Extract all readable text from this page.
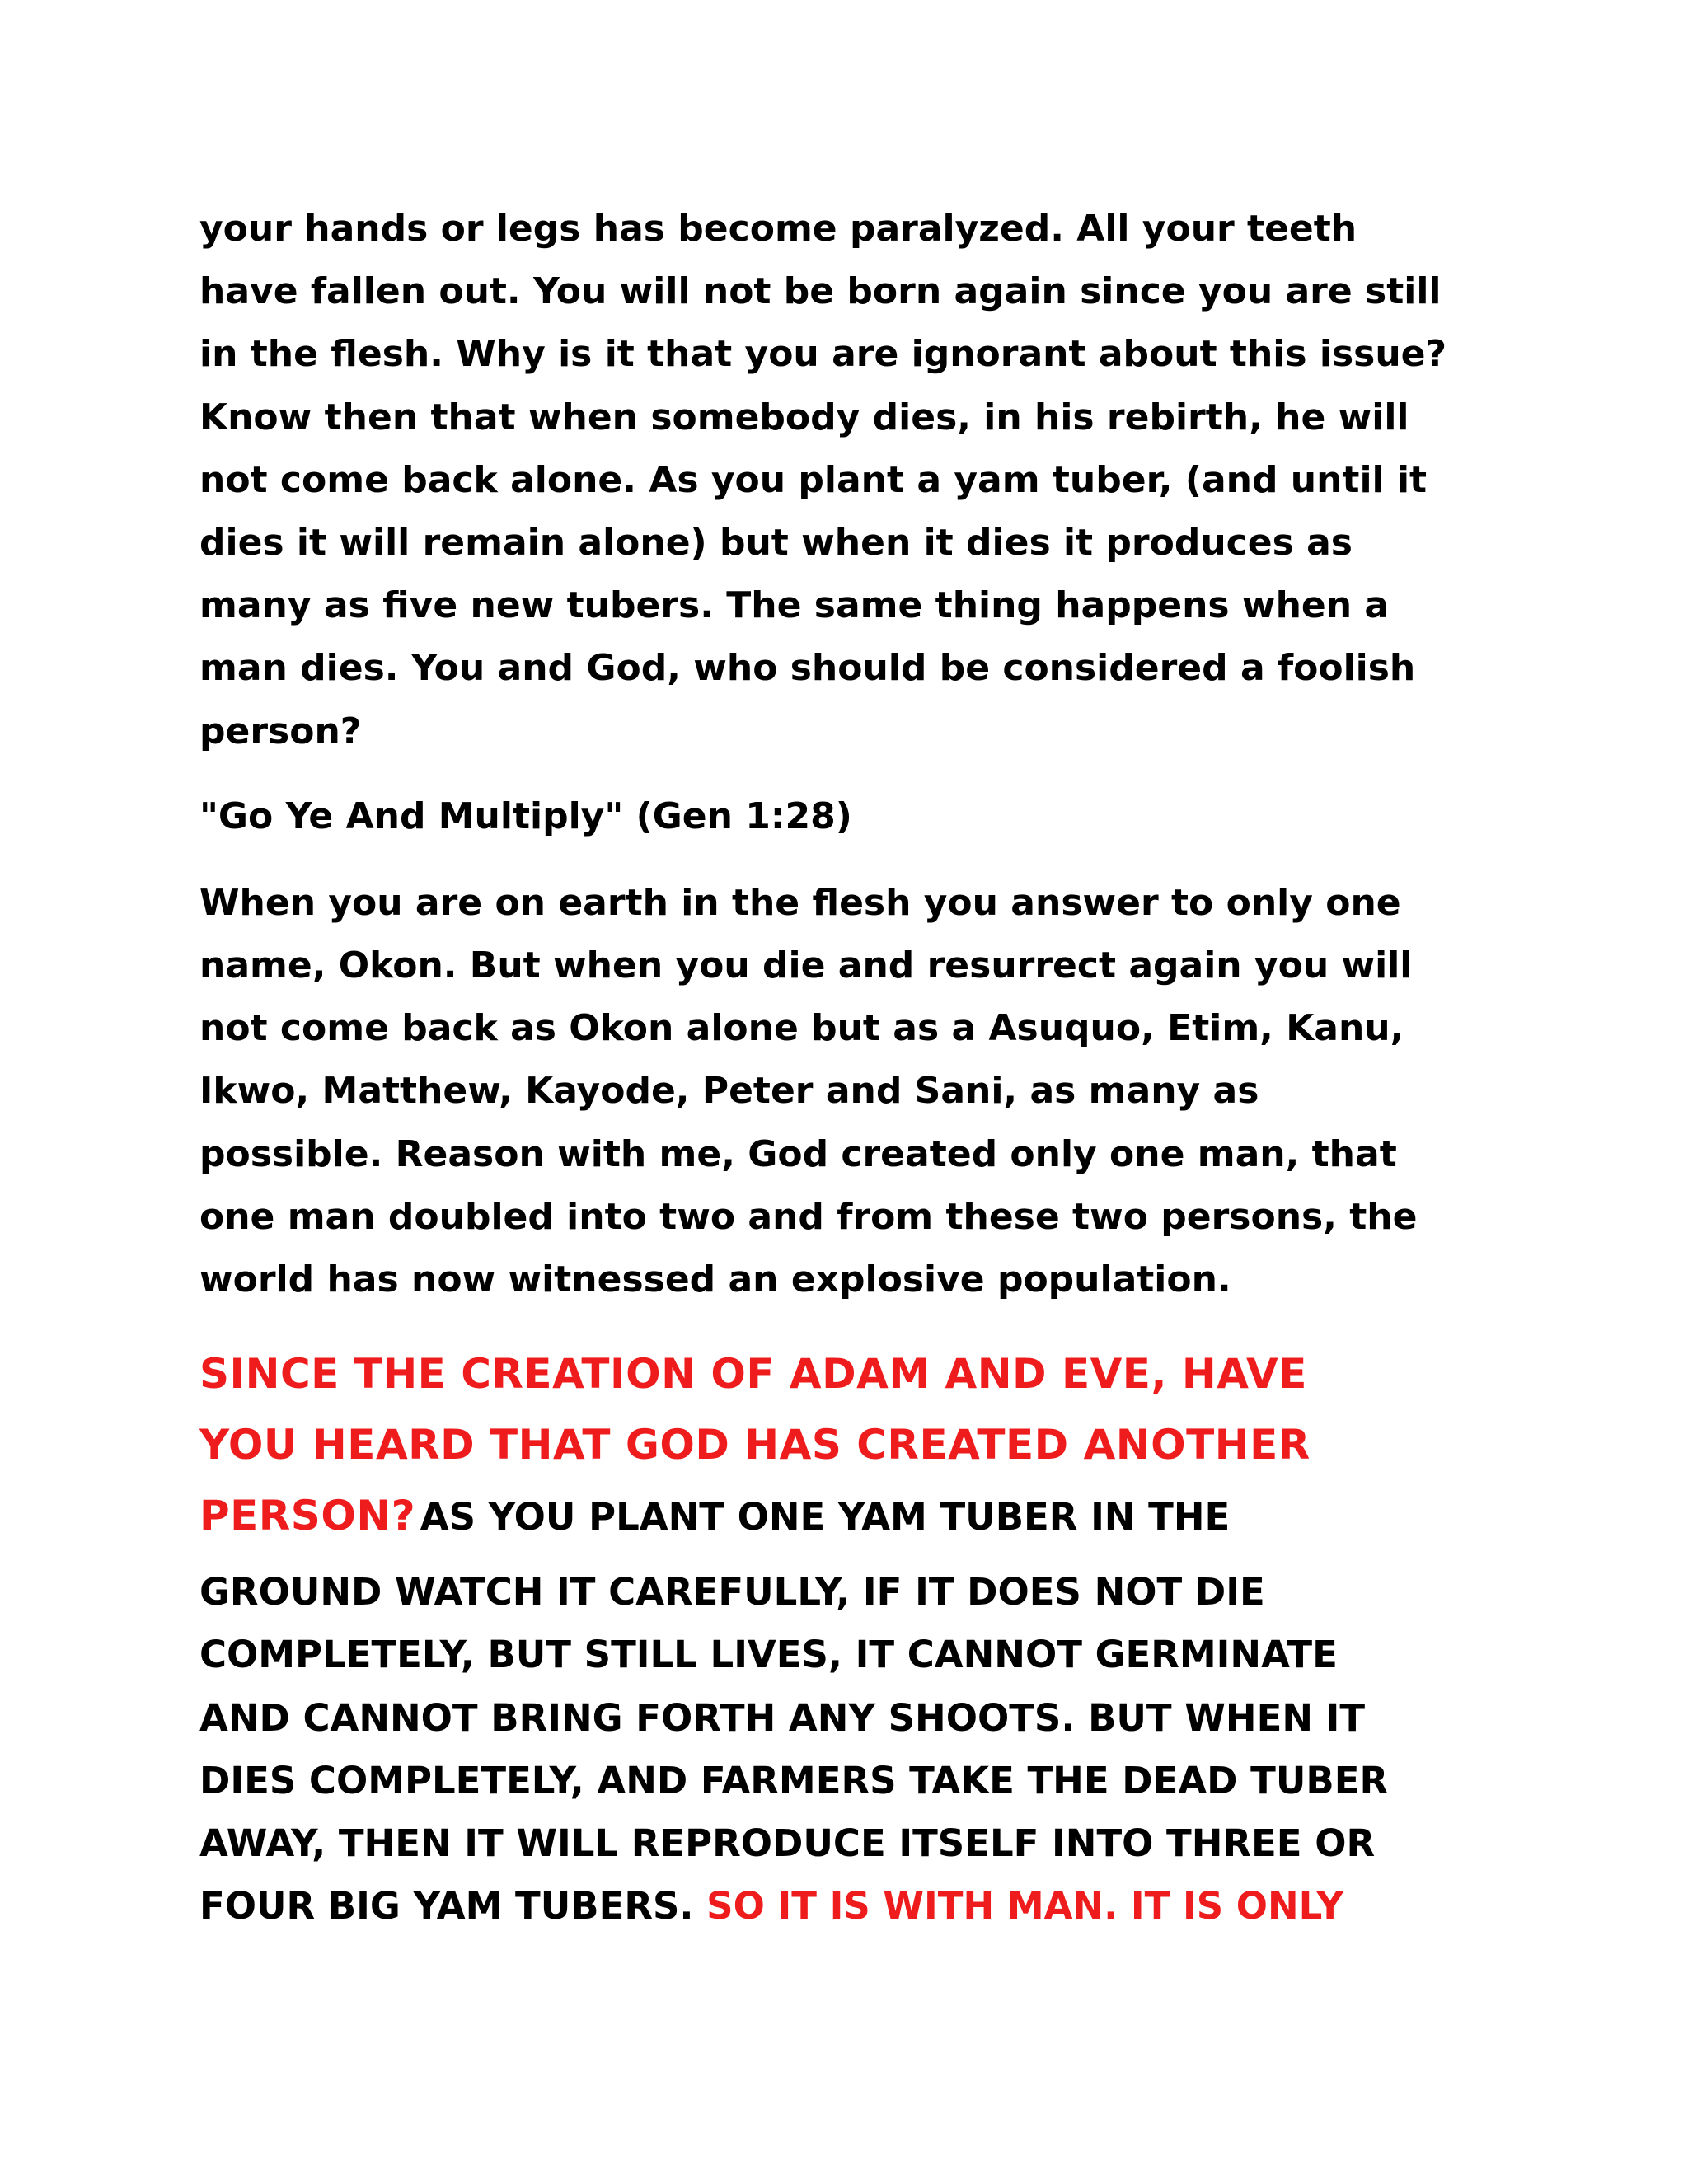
your hands or legs has become paralyzed. All your teeth
have fallen out. You will not be born again since you are still
in the flesh. Why is it that you are ignorant about this issue?
Know then that when somebody dies, in his rebirth, he will
not come back alone. As you plant a yam tuber, (and until it
dies it will remain alone) but when it dies it produces as
many as five new tubers. The same thing happens when a
man dies. You and God, who should be considered a foolish
person?

"Go Ye And Multiply" (Gen 1:28)

When you are on earth in the flesh you answer to only one
name, Okon. But when you die and resurrect again you will
not come back as Okon alone but as a Asuquo, Etim, Kanu,
Ikwo, Matthew, Kayode, Peter and Sani, as many as
possible. Reason with me, God created only one man, that
one man doubled into two and from these two persons, the
world has now witnessed an explosive population.

SINCE THE CREATION OF ADAM AND EVE, HAVE
YOU HEARD THAT GOD HAS CREATED ANOTHER
PERSON? AS YOU PLANT ONE YAM TUBER IN THE
GROUND WATCH IT CAREFULLY, IF IT DOES NOT DIE
COMPLETELY, BUT STILL LIVES, IT CANNOT GERMINATE
AND CANNOT BRING FORTH ANY SHOOTS. BUT WHEN IT
DIES COMPLETELY, AND FARMERS TAKE THE DEAD TUBER
AWAY, THEN IT WILL REPRODUCE ITSELF INTO THREE OR
FOUR BIG YAM TUBERS. SO IT IS WITH MAN. IT IS ONLY
